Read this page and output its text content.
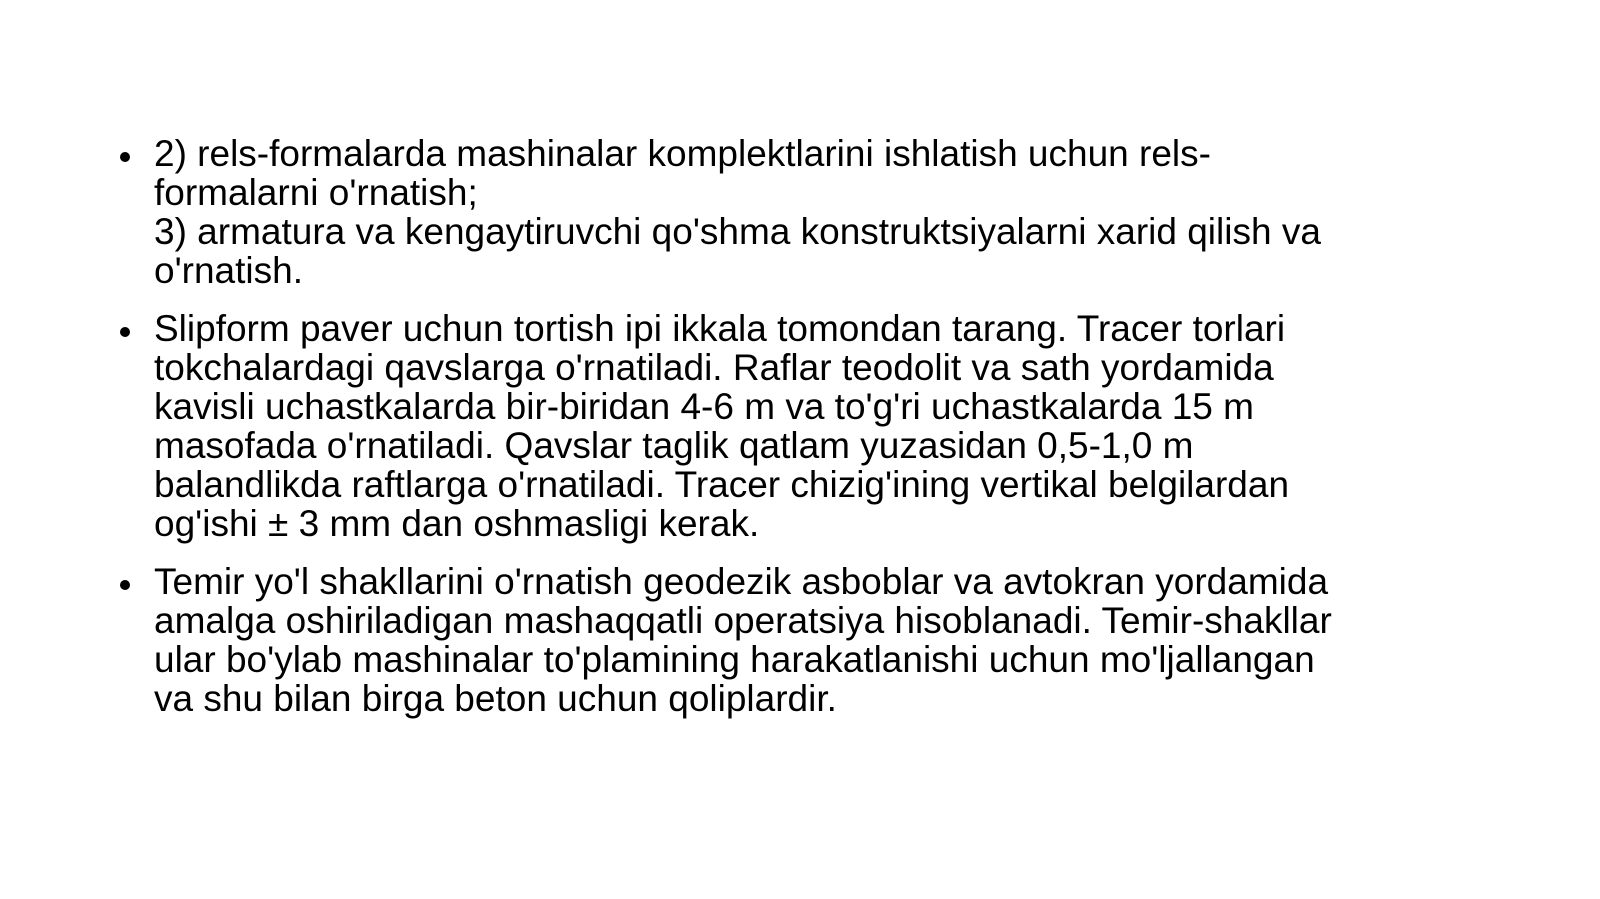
2) rels-formalarda mashinalar komplektlarini ishlatish uchun rels-
formalarni o'rnatish;
3) armatura va kengaytiruvchi qo'shma konstruktsiyalarni xarid qilish va
o'rnatish.
Slipform paver uchun tortish ipi ikkala tomondan tarang. Tracer torlari
tokchalardagi qavslarga o'rnatiladi. Raflar teodolit va sath yordamida
kavisli uchastkalarda bir-biridan 4-6 m va to'g'ri uchastkalarda 15 m
masofada o'rnatiladi. Qavslar taglik qatlam yuzasidan 0,5-1,0 m
balandlikda raftlarga o'rnatiladi. Tracer chizig'ining vertikal belgilardan
og'ishi ± 3 mm dan oshmasligi kerak.
Temir yo'l shakllarini o'rnatish geodezik asboblar va avtokran yordamida
amalga oshiriladigan mashaqqatli operatsiya hisoblanadi. Temir-shakllar
ular bo'ylab mashinalar to'plamining harakatlanishi uchun mo'ljallangan
va shu bilan birga beton uchun qoliplardir.
